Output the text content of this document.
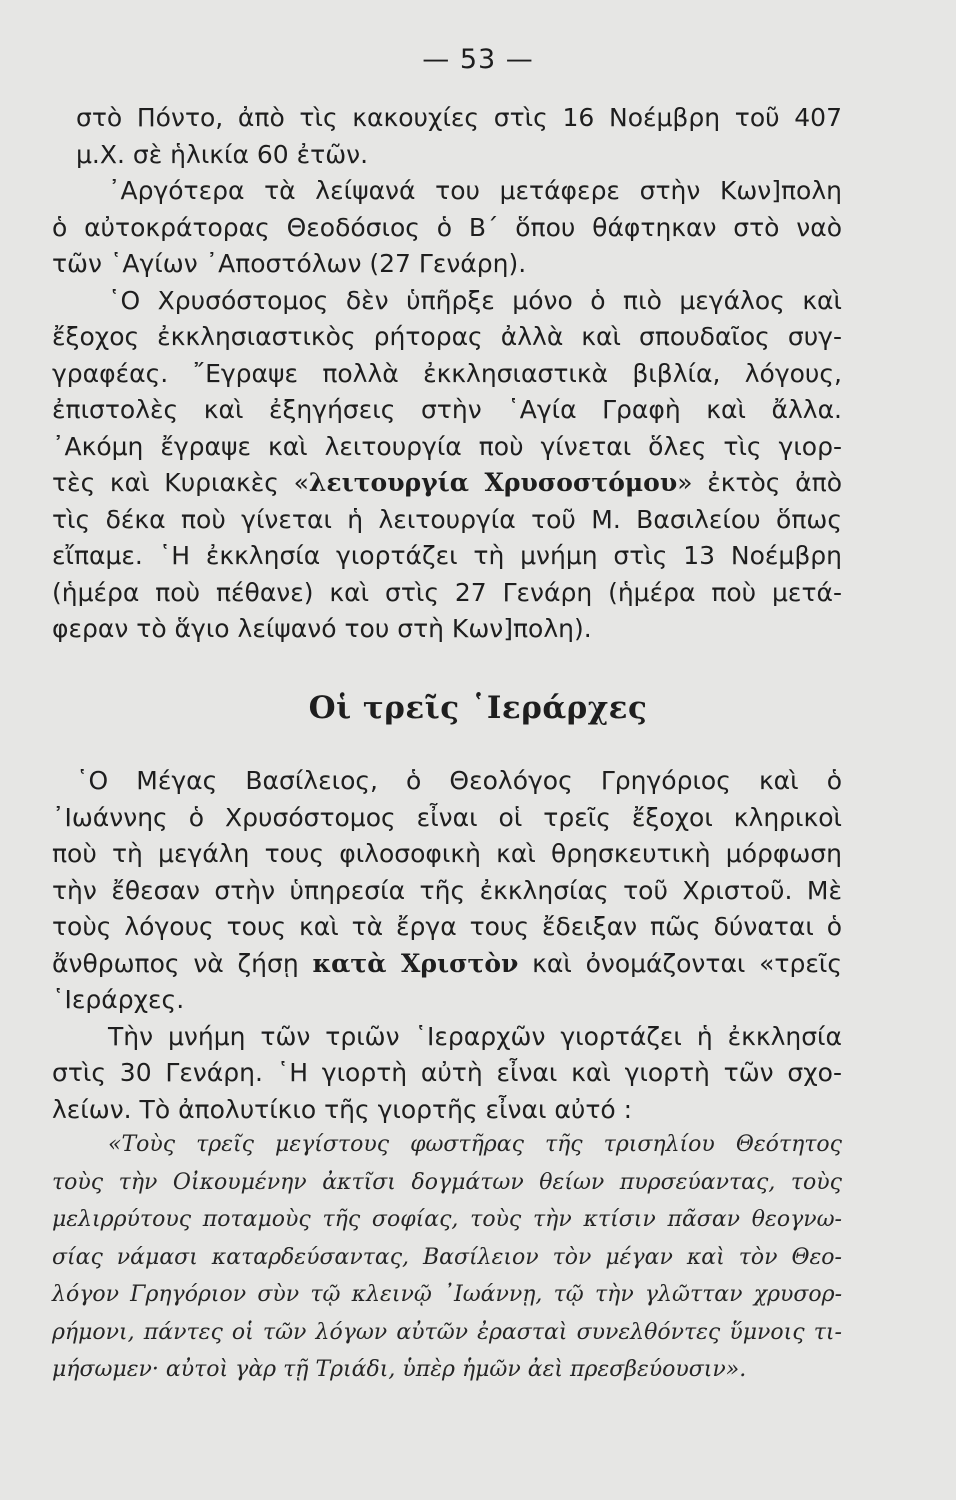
— 53 —
στὸ Πόντο, ἀπὸ τὶς κακουχίες στὶς 16 Νοέμβρη τοῦ 407
μ.Χ. σὲ ἡλικία 60 ἐτῶν.
᾿Αργότερα τὰ λείψανά του μετάφερε στὴν Κων]πολη
ὁ αὐτοκράτορας Θεοδόσιος ὁ Β΄ ὅπου θάφτηκαν στὸ ναὸ
τῶν ῾Αγίων ᾿Αποστόλων (27 Γενάρη).
῾Ο Χρυσόστομος δὲν ὑπῆρξε μόνο ὁ πιὸ μεγάλος καὶ
ἔξοχος ἐκκλησιαστικὸς ρήτορας ἀλλὰ καὶ σπουδαῖος συγ-
γραφέας. ῎Εγραψε πολλὰ ἐκκλησιαστικὰ βιβλία, λόγους,
ἐπιστολὲς καὶ ἐξηγήσεις στὴν ῾Αγία Γραφὴ καὶ ἄλλα.
᾿Ακόμη ἔγραψε καὶ λειτουργία ποὺ γίνεται ὅλες τὶς γιορ-
τὲς καὶ Κυριακὲς «λειτουργία Χρυσοστόμου» ἐκτὸς ἀπὸ
τὶς δέκα ποὺ γίνεται ἡ λειτουργία τοῦ Μ. Βασιλείου ὅπως
εἴπαμε. ῾Η ἐκκλησία γιορτάζει τὴ μνήμη στὶς 13 Νοέμβρη
(ἡμέρα ποὺ πέθανε) καὶ στὶς 27 Γενάρη (ἡμέρα ποὺ μετά-
φεραν τὸ ἅγιο λείψανό του στὴ Κων]πολη).
Οἱ τρεῖς ῾Ιεράρχες
῾Ο Μέγας Βασίλειος, ὁ Θεολόγος Γρηγόριος καὶ ὁ
᾿Ιωάννης ὁ Χρυσόστομος εἶναι οἱ τρεῖς ἔξοχοι κληρικοὶ
ποὺ τὴ μεγάλη τους φιλοσοφικὴ καὶ θρησκευτικὴ μόρφωση
τὴν ἔθεσαν στὴν ὑπηρεσία τῆς ἐκκλησίας τοῦ Χριστοῦ. Μὲ
τοὺς λόγους τους καὶ τὰ ἔργα τους ἔδειξαν πῶς δύναται ὁ
ἄνθρωπος νὰ ζήσῃ κατὰ Χριστὸν καὶ ὀνομάζονται «τρεῖς
῾Ιεράρχες.
Τὴν μνήμη τῶν τριῶν ῾Ιεραρχῶν γιορτάζει ἡ ἐκκλησία
στὶς 30 Γενάρη. ῾Η γιορτὴ αὐτὴ εἶναι καὶ γιορτὴ τῶν σχο-
λείων. Τὸ ἀπολυτίκιο τῆς γιορτῆς εἶναι αὐτό :
«Τοὺς τρεῖς μεγίστους φωστῆρας τῆς τρισηλίου Θεότητος
τοὺς τὴν Οἰκουμένην ἀκτῖσι δογμάτων θείων πυρσεύαντας, τοὺς
μελιρρύτους ποταμοὺς τῆς σοφίας, τοὺς τὴν κτίσιν πᾶσαν θεογνω-
σίας νάμασι καταρδεύσαντας, Βασίλειον τὸν μέγαν καὶ τὸν Θεο-
λόγον Γρηγόριον σὺν τῷ κλεινῷ ᾿Ιωάννῃ, τῷ τὴν γλῶτταν χρυσορ-
ρήμονι, πάντες οἱ τῶν λόγων αὐτῶν ἐρασταὶ συνελθόντες ὕμνοις τι-
μήσωμεν· αὐτοὶ γὰρ τῇ Τριάδι, ὑπὲρ ἡμῶν ἀεὶ πρεσβεύουσιν».
